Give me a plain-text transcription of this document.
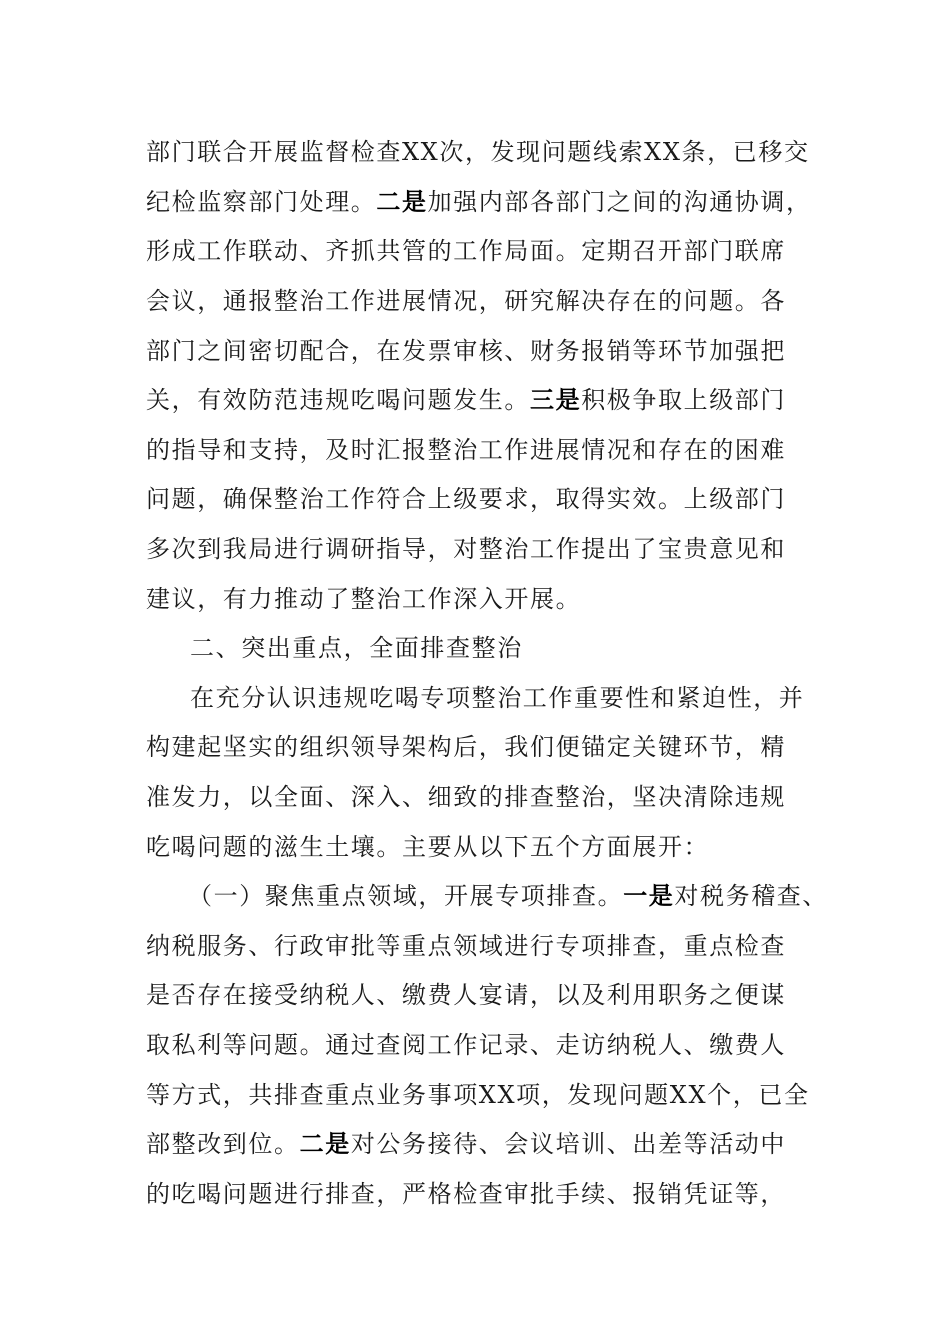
部门联合开展监督检查XX次，发现问题线索XX条，已移交
纪检监察部门处理。二是加强内部各部门之间的沟通协调，
形成工作联动、齐抓共管的工作局面。定期召开部门联席
会议，通报整治工作进展情况，研究解决存在的问题。各
部门之间密切配合，在发票审核、财务报销等环节加强把
关，有效防范违规吃喝问题发生。三是积极争取上级部门
的指导和支持，及时汇报整治工作进展情况和存在的困难
问题，确保整治工作符合上级要求，取得实效。上级部门
多次到我局进行调研指导，对整治工作提出了宝贵意见和
建议，有力推动了整治工作深入开展。
二、突出重点，全面排查整治
在充分认识违规吃喝专项整治工作重要性和紧迫性，并
构建起坚实的组织领导架构后，我们便锚定关键环节，精
准发力，以全面、深入、细致的排查整治，坚决清除违规
吃喝问题的滋生土壤。主要从以下五个方面展开：
（一）聚焦重点领域，开展专项排查。一是对税务稽查、
纳税服务、行政审批等重点领域进行专项排查，重点检查
是否存在接受纳税人、缴费人宴请，以及利用职务之便谋
取私利等问题。通过查阅工作记录、走访纳税人、缴费人
等方式，共排查重点业务事项XX项，发现问题XX个，已全
部整改到位。二是对公务接待、会议培训、出差等活动中
的吃喝问题进行排查，严格检查审批手续、报销凭证等，
